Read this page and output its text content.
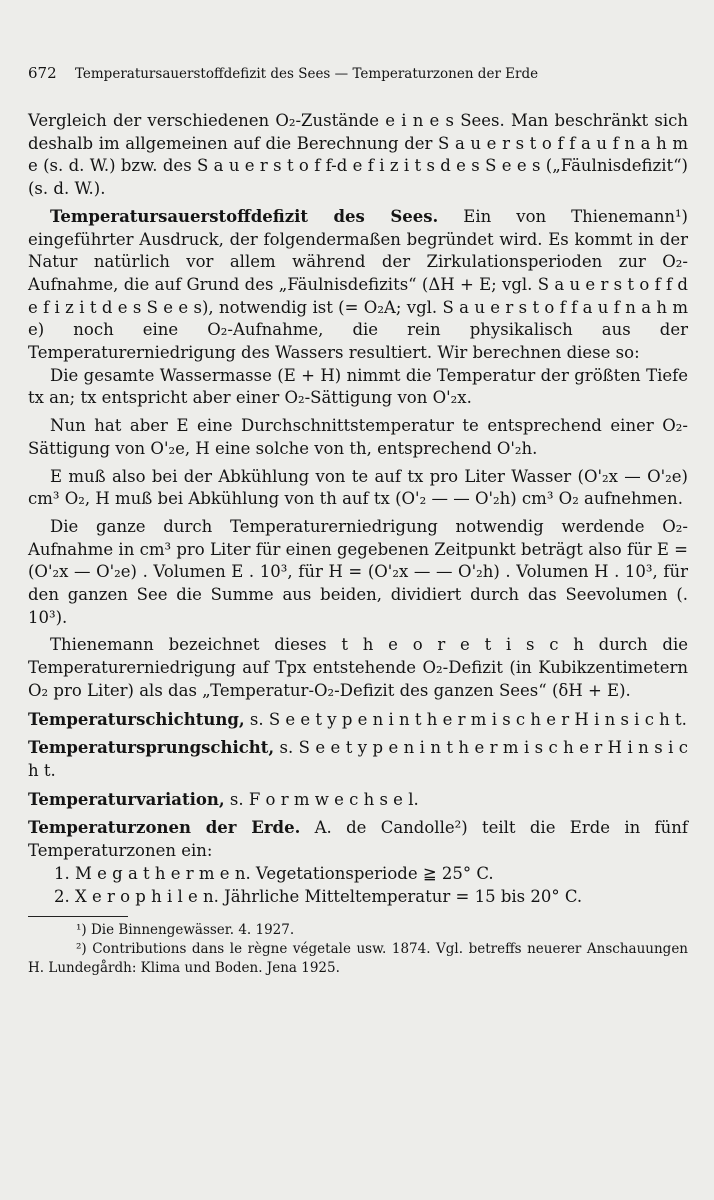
672 Temperatursauerstoffdefizit des Sees — Temperaturzonen der Erde

Vergleich der verschiedenen O₂-Zustände e i n e s Sees. Man beschränkt sich deshalb im allgemeinen auf die Berechnung der S a u e r s t o f f a u f n a h m e (s. d. W.) bzw. des S a u e r s t o f f-d e f i z i t s d e s S e e s („Fäulnisdefizit“) (s. d. W.).

Temperatursauerstoffdefizit des Sees. Ein von Thienemann¹) eingeführter Ausdruck, der folgendermaßen begründet wird. Es kommt in der Natur natürlich vor allem während der Zirkulationsperioden zur O₂-Aufnahme, die auf Grund des „Fäulnisdefizits“ (ΔH + E; vgl. S a u e r s t o f f d e f i z i t d e s S e e s), notwendig ist (= O₂A; vgl. S a u e r s t o f f a u f n a h m e) noch eine O₂-Aufnahme, die rein physikalisch aus der Temperaturerniedrigung des Wassers resultiert. Wir berechnen diese so:

Die gesamte Wassermasse (E + H) nimmt die Temperatur der größten Tiefe tx an; tx entspricht aber einer O₂-Sättigung von O'₂x.

Nun hat aber E eine Durchschnittstemperatur te entsprechend einer O₂-Sättigung von O'₂e, H eine solche von th, entsprechend O'₂h.

E muß also bei der Abkühlung von te auf tx pro Liter Wasser (O'₂x — O'₂e) cm³ O₂, H muß bei Abkühlung von th auf tx (O'₂ — — O'₂h) cm³ O₂ aufnehmen.

Die ganze durch Temperaturerniedrigung notwendig werdende O₂-Aufnahme in cm³ pro Liter für einen gegebenen Zeitpunkt beträgt also für E = (O'₂x — O'₂e) . Volumen E . 10³, für H = (O'₂x — — O'₂h) . Volumen H . 10³, für den ganzen See die Summe aus beiden, dividiert durch das Seevolumen (. 10³).

Thienemann bezeichnet dieses t h e o r e t i s c h durch die Temperaturerniedrigung auf Tpx entstehende O₂-Defizit (in Kubikzentimetern O₂ pro Liter) als das „Temperatur-O₂-Defizit des ganzen Sees“ (δH + E).

Temperaturschichtung, s. S e e t y p e n i n t h e r m i s c h e r H i n s i c h t.

Temperatursprungschicht, s. S e e t y p e n i n t h e r m i s c h e r H i n s i c h t.

Temperaturvariation, s. F o r m w e c h s e l.

Temperaturzonen der Erde. A. de Candolle²) teilt die Erde in fünf Temperaturzonen ein:

1. M e g a t h e r m e n. Vegetationsperiode ≧ 25° C.

2. X e r o p h i l e n. Jährliche Mitteltemperatur = 15 bis 20° C.

¹) Die Binnengewässer. 4. 1927.

²) Contributions dans le règne végetale usw. 1874. Vgl. betreffs neuerer Anschauungen H. Lundegårdh: Klima und Boden. Jena 1925.
